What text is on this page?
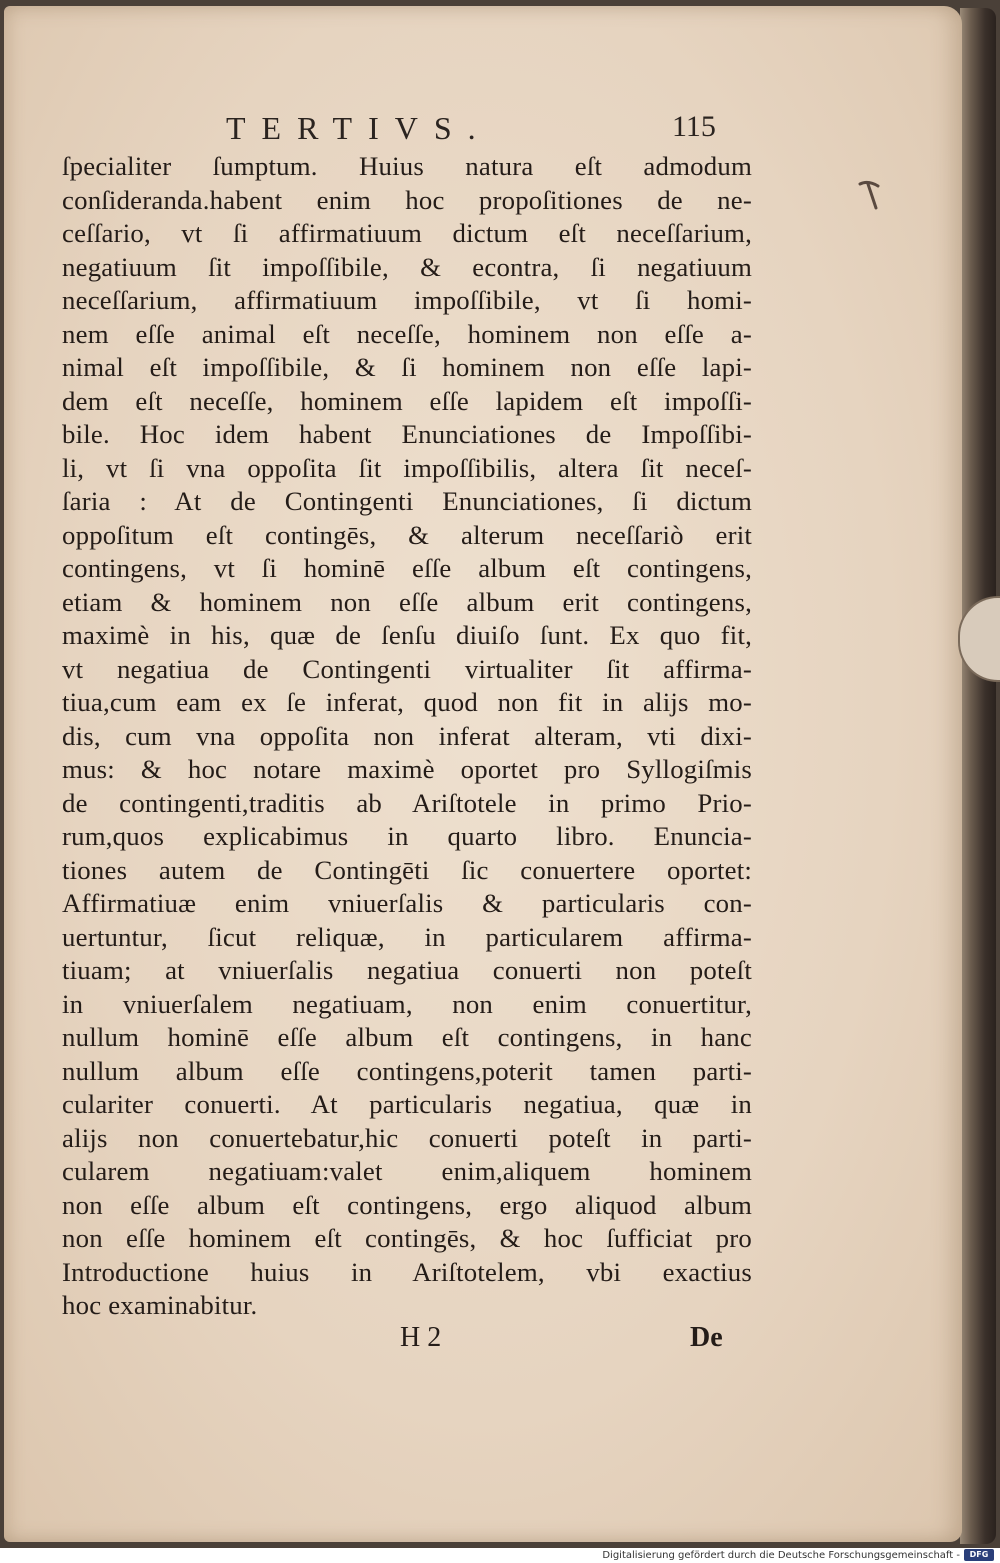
TERTIVS.	115
ſpecialiter ſumptum. Huius natura eſt admodum
conſideranda.habent enim hoc propoſitiones de ne-
ceſſario, vt ſi affirmatiuum dictum eſt neceſſarium,
negatiuum ſit impoſſibile, & econtra, ſi negatiuum
neceſſarium, affirmatiuum impoſſibile, vt ſi homi-
nem eſſe animal eſt neceſſe, hominem non eſſe a-
nimal eſt impoſſibile, & ſi hominem non eſſe lapi-
dem eſt neceſſe, hominem eſſe lapidem eſt impoſſi-
bile. Hoc idem habent Enunciationes de Impoſſibi-
li, vt ſi vna oppoſita ſit impoſſibilis, altera ſit neceſ-
ſaria : At de Contingenti Enunciationes, ſi dictum
oppoſitum eſt contingēs, & alterum neceſſariò erit
contingens, vt ſi hominē eſſe album eſt contingens,
etiam & hominem non eſſe album erit contingens,
maximè in his, quæ de ſenſu diuiſo ſunt. Ex quo fit,
vt negatiua de Contingenti virtualiter ſit affirma-
tiua,cum eam ex ſe inferat, quod non fit in alijs mo-
dis, cum vna oppoſita non inferat alteram, vti dixi-
mus: & hoc notare maximè oportet pro Syllogiſmis
de contingenti,traditis ab Ariſtotele in primo Prio-
rum,quos explicabimus in quarto libro. Enuncia-
tiones autem de Contingēti ſic conuertere oportet:
Affirmatiuæ enim vniuerſalis & particularis con-
uertuntur, ſicut reliquæ, in particularem affirma-
tiuam; at vniuerſalis negatiua conuerti non poteſt
in vniuerſalem negatiuam, non enim conuertitur,
nullum hominē eſſe album eſt contingens, in hanc
nullum album eſſe contingens,poterit tamen parti-
culariter conuerti. At particularis negatiua, quæ in
alijs non conuertebatur,hic conuerti poteſt in parti-
cularem negatiuam:valet enim,aliquem hominem
non eſſe album eſt contingens, ergo aliquod album
non eſſe hominem eſt contingēs, & hoc ſufficiat pro
Introductione huius in Ariſtotelem, vbi exactius
hoc examinabitur.
H 2	De
Digitalisierung gefördert durch die Deutsche Forschungsgemeinschaft -	DFG
